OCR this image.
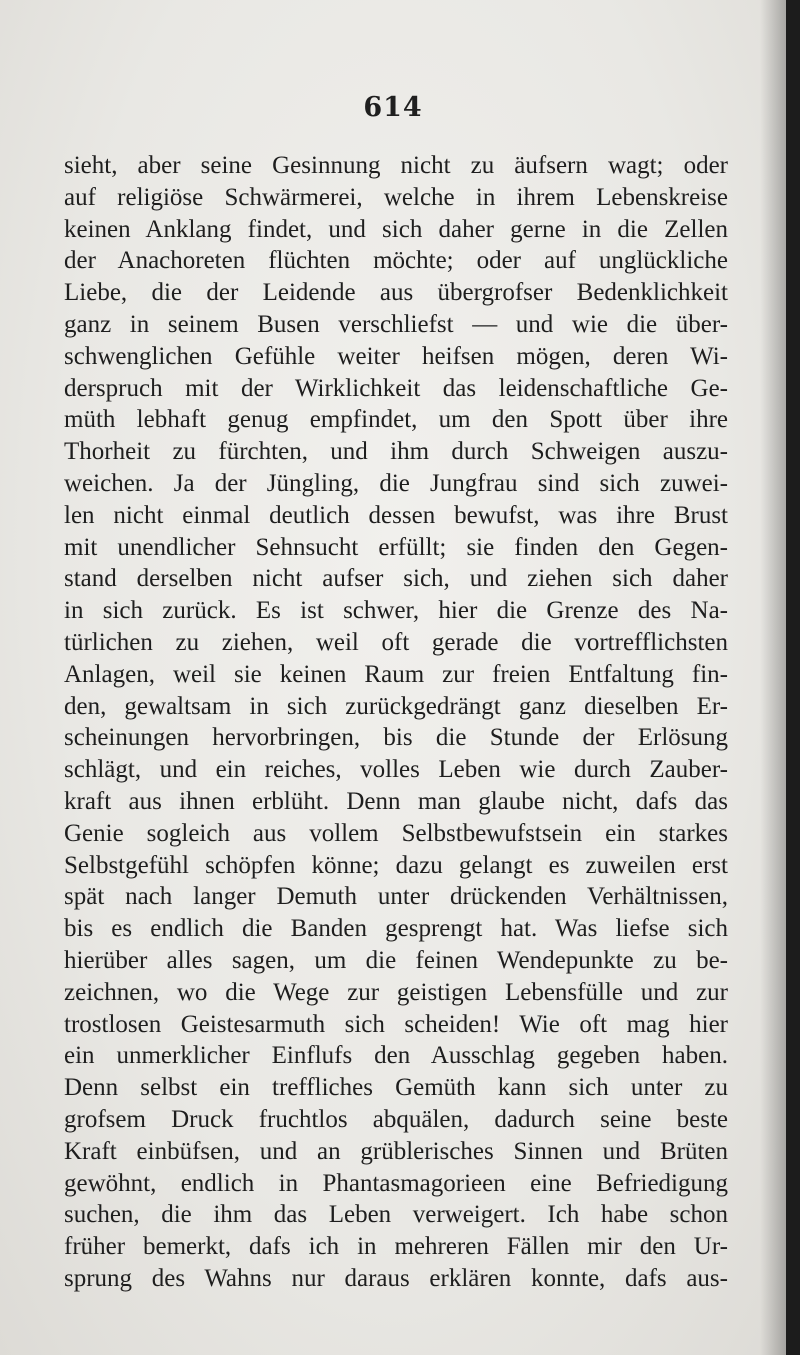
614
sieht, aber seine Gesinnung nicht zu äufsern wagt; oder
auf religiöse Schwärmerei, welche in ihrem Lebenskreise
keinen Anklang findet, und sich daher gerne in die Zellen
der Anachoreten flüchten möchte; oder auf unglückliche
Liebe, die der Leidende aus übergrofser Bedenklichkeit
ganz in seinem Busen verschliefst — und wie die über-
schwenglichen Gefühle weiter heifsen mögen, deren Wi-
derspruch mit der Wirklichkeit das leidenschaftliche Ge-
müth lebhaft genug empfindet, um den Spott über ihre
Thorheit zu fürchten, und ihm durch Schweigen auszu-
weichen. Ja der Jüngling, die Jungfrau sind sich zuwei-
len nicht einmal deutlich dessen bewufst, was ihre Brust
mit unendlicher Sehnsucht erfüllt; sie finden den Gegen-
stand derselben nicht aufser sich, und ziehen sich daher
in sich zurück. Es ist schwer, hier die Grenze des Na-
türlichen zu ziehen, weil oft gerade die vortrefflichsten
Anlagen, weil sie keinen Raum zur freien Entfaltung fin-
den, gewaltsam in sich zurückgedrängt ganz dieselben Er-
scheinungen hervorbringen, bis die Stunde der Erlösung
schlägt, und ein reiches, volles Leben wie durch Zauber-
kraft aus ihnen erblüht. Denn man glaube nicht, dafs das
Genie sogleich aus vollem Selbstbewufstsein ein starkes
Selbstgefühl schöpfen könne; dazu gelangt es zuweilen erst
spät nach langer Demuth unter drückenden Verhältnissen,
bis es endlich die Banden gesprengt hat. Was liefse sich
hierüber alles sagen, um die feinen Wendepunkte zu be-
zeichnen, wo die Wege zur geistigen Lebensfülle und zur
trostlosen Geistesarmuth sich scheiden! Wie oft mag hier
ein unmerklicher Einflufs den Ausschlag gegeben haben.
Denn selbst ein treffliches Gemüth kann sich unter zu
grofsem Druck fruchtlos abquälen, dadurch seine beste
Kraft einbüfsen, und an grüblerisches Sinnen und Brüten
gewöhnt, endlich in Phantasmagorieen eine Befriedigung
suchen, die ihm das Leben verweigert. Ich habe schon
früher bemerkt, dafs ich in mehreren Fällen mir den Ur-
sprung des Wahns nur daraus erklären konnte, dafs aus-
